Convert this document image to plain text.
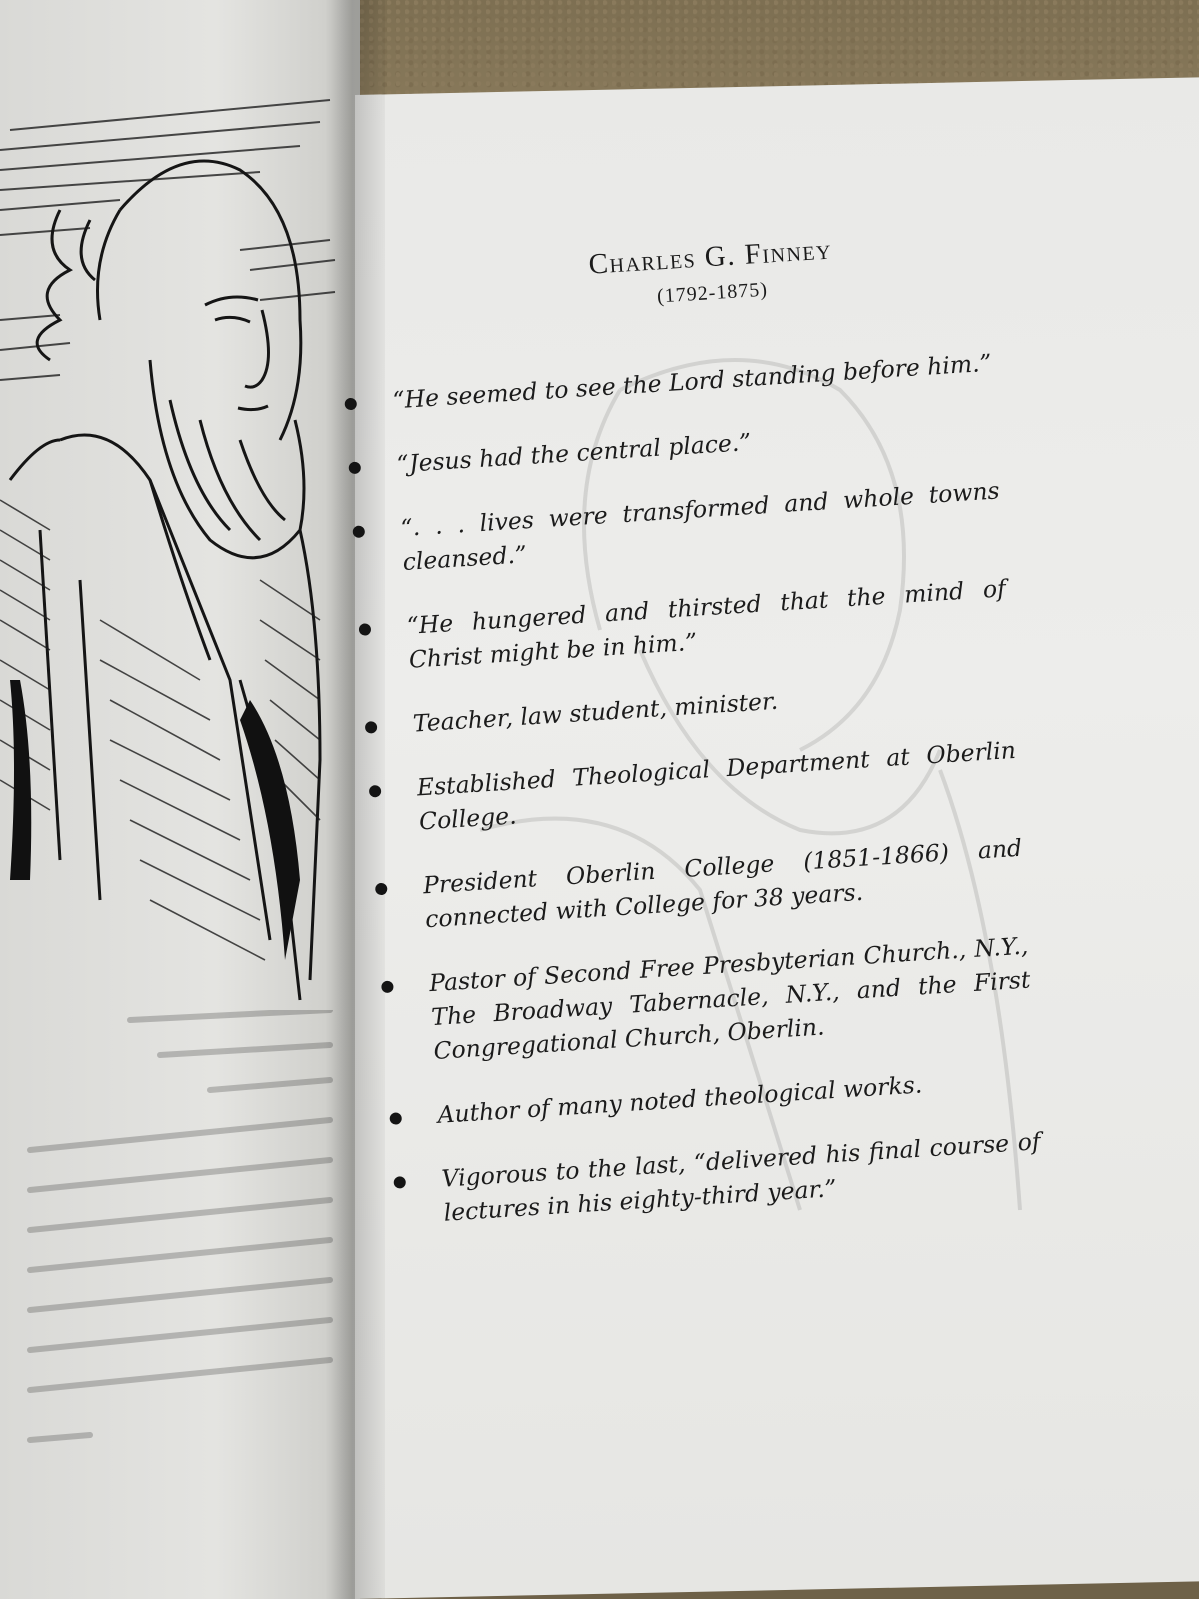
Charles G. Finney
(1792-1875)
“He seemed to see the Lord standing before him.”
“Jesus had the central place.”
“. . . lives were transformed and whole towns cleansed.”
“He hungered and thirsted that the mind of Christ might be in him.”
Teacher, law student, minister.
Established Theological Department at Oberlin College.
President Oberlin College (1851-1866) and connected with College for 38 years.
Pastor of Second Free Presbyterian Church., N.Y., The Broadway Tabernacle, N.Y., and the First Congregational Church, Oberlin.
Author of many noted theological works.
Vigorous to the last, “delivered his final course of lectures in his eighty-third year.”
